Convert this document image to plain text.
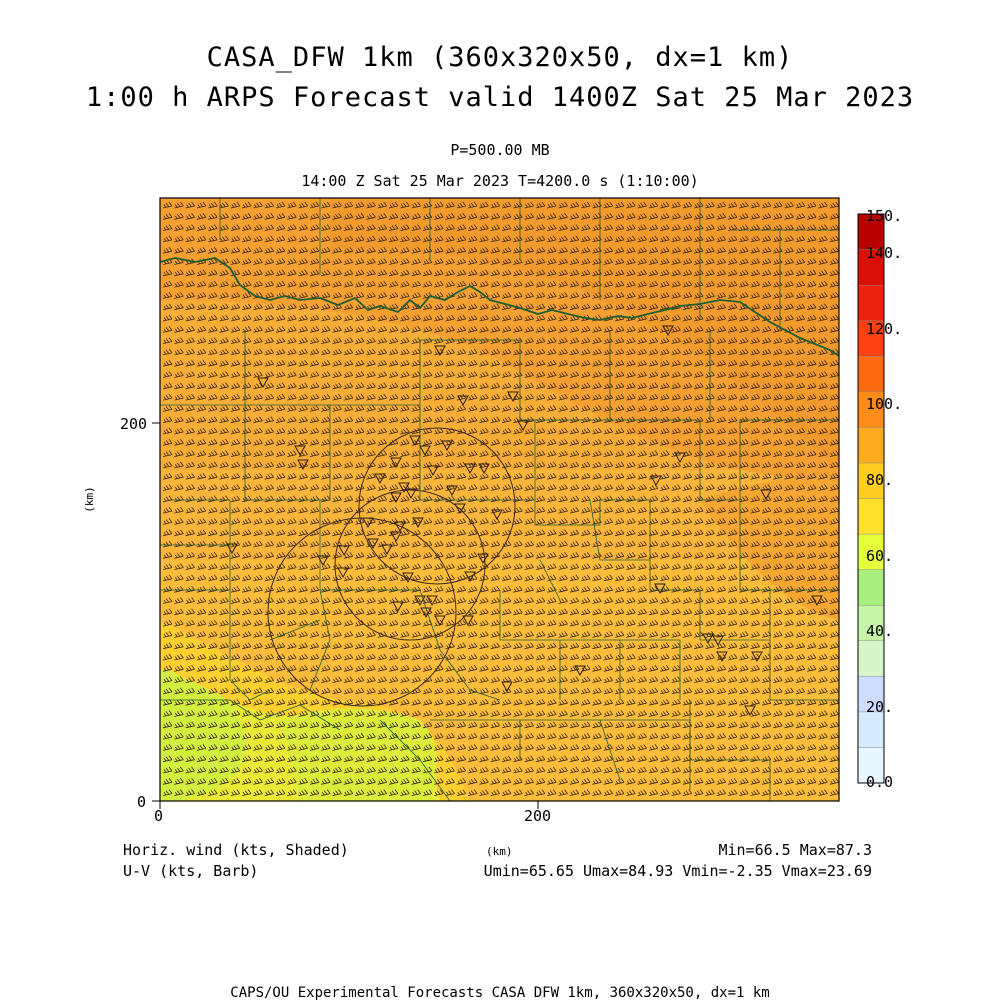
CASA_DFW 1km (360x320x50, dx=1 km)
1:00 h ARPS Forecast valid 1400Z Sat 25 Mar 2023
P=500.00 MB
14:00 Z Sat 25 Mar 2023 T=4200.0 s (1:10:00)
0	200
0
200
(km)
(km)
150.
140.
120.
100.
80.
60.
40.
20.
0.0
Horiz. wind (kts, Shaded)
U-V (kts, Barb)
Min=66.5 Max=87.3
Umin=65.65 Umax=84.93 Vmin=-2.35 Vmax=23.69
CAPS/OU Experimental Forecasts CASA DFW 1km, 360x320x50, dx=1 km
